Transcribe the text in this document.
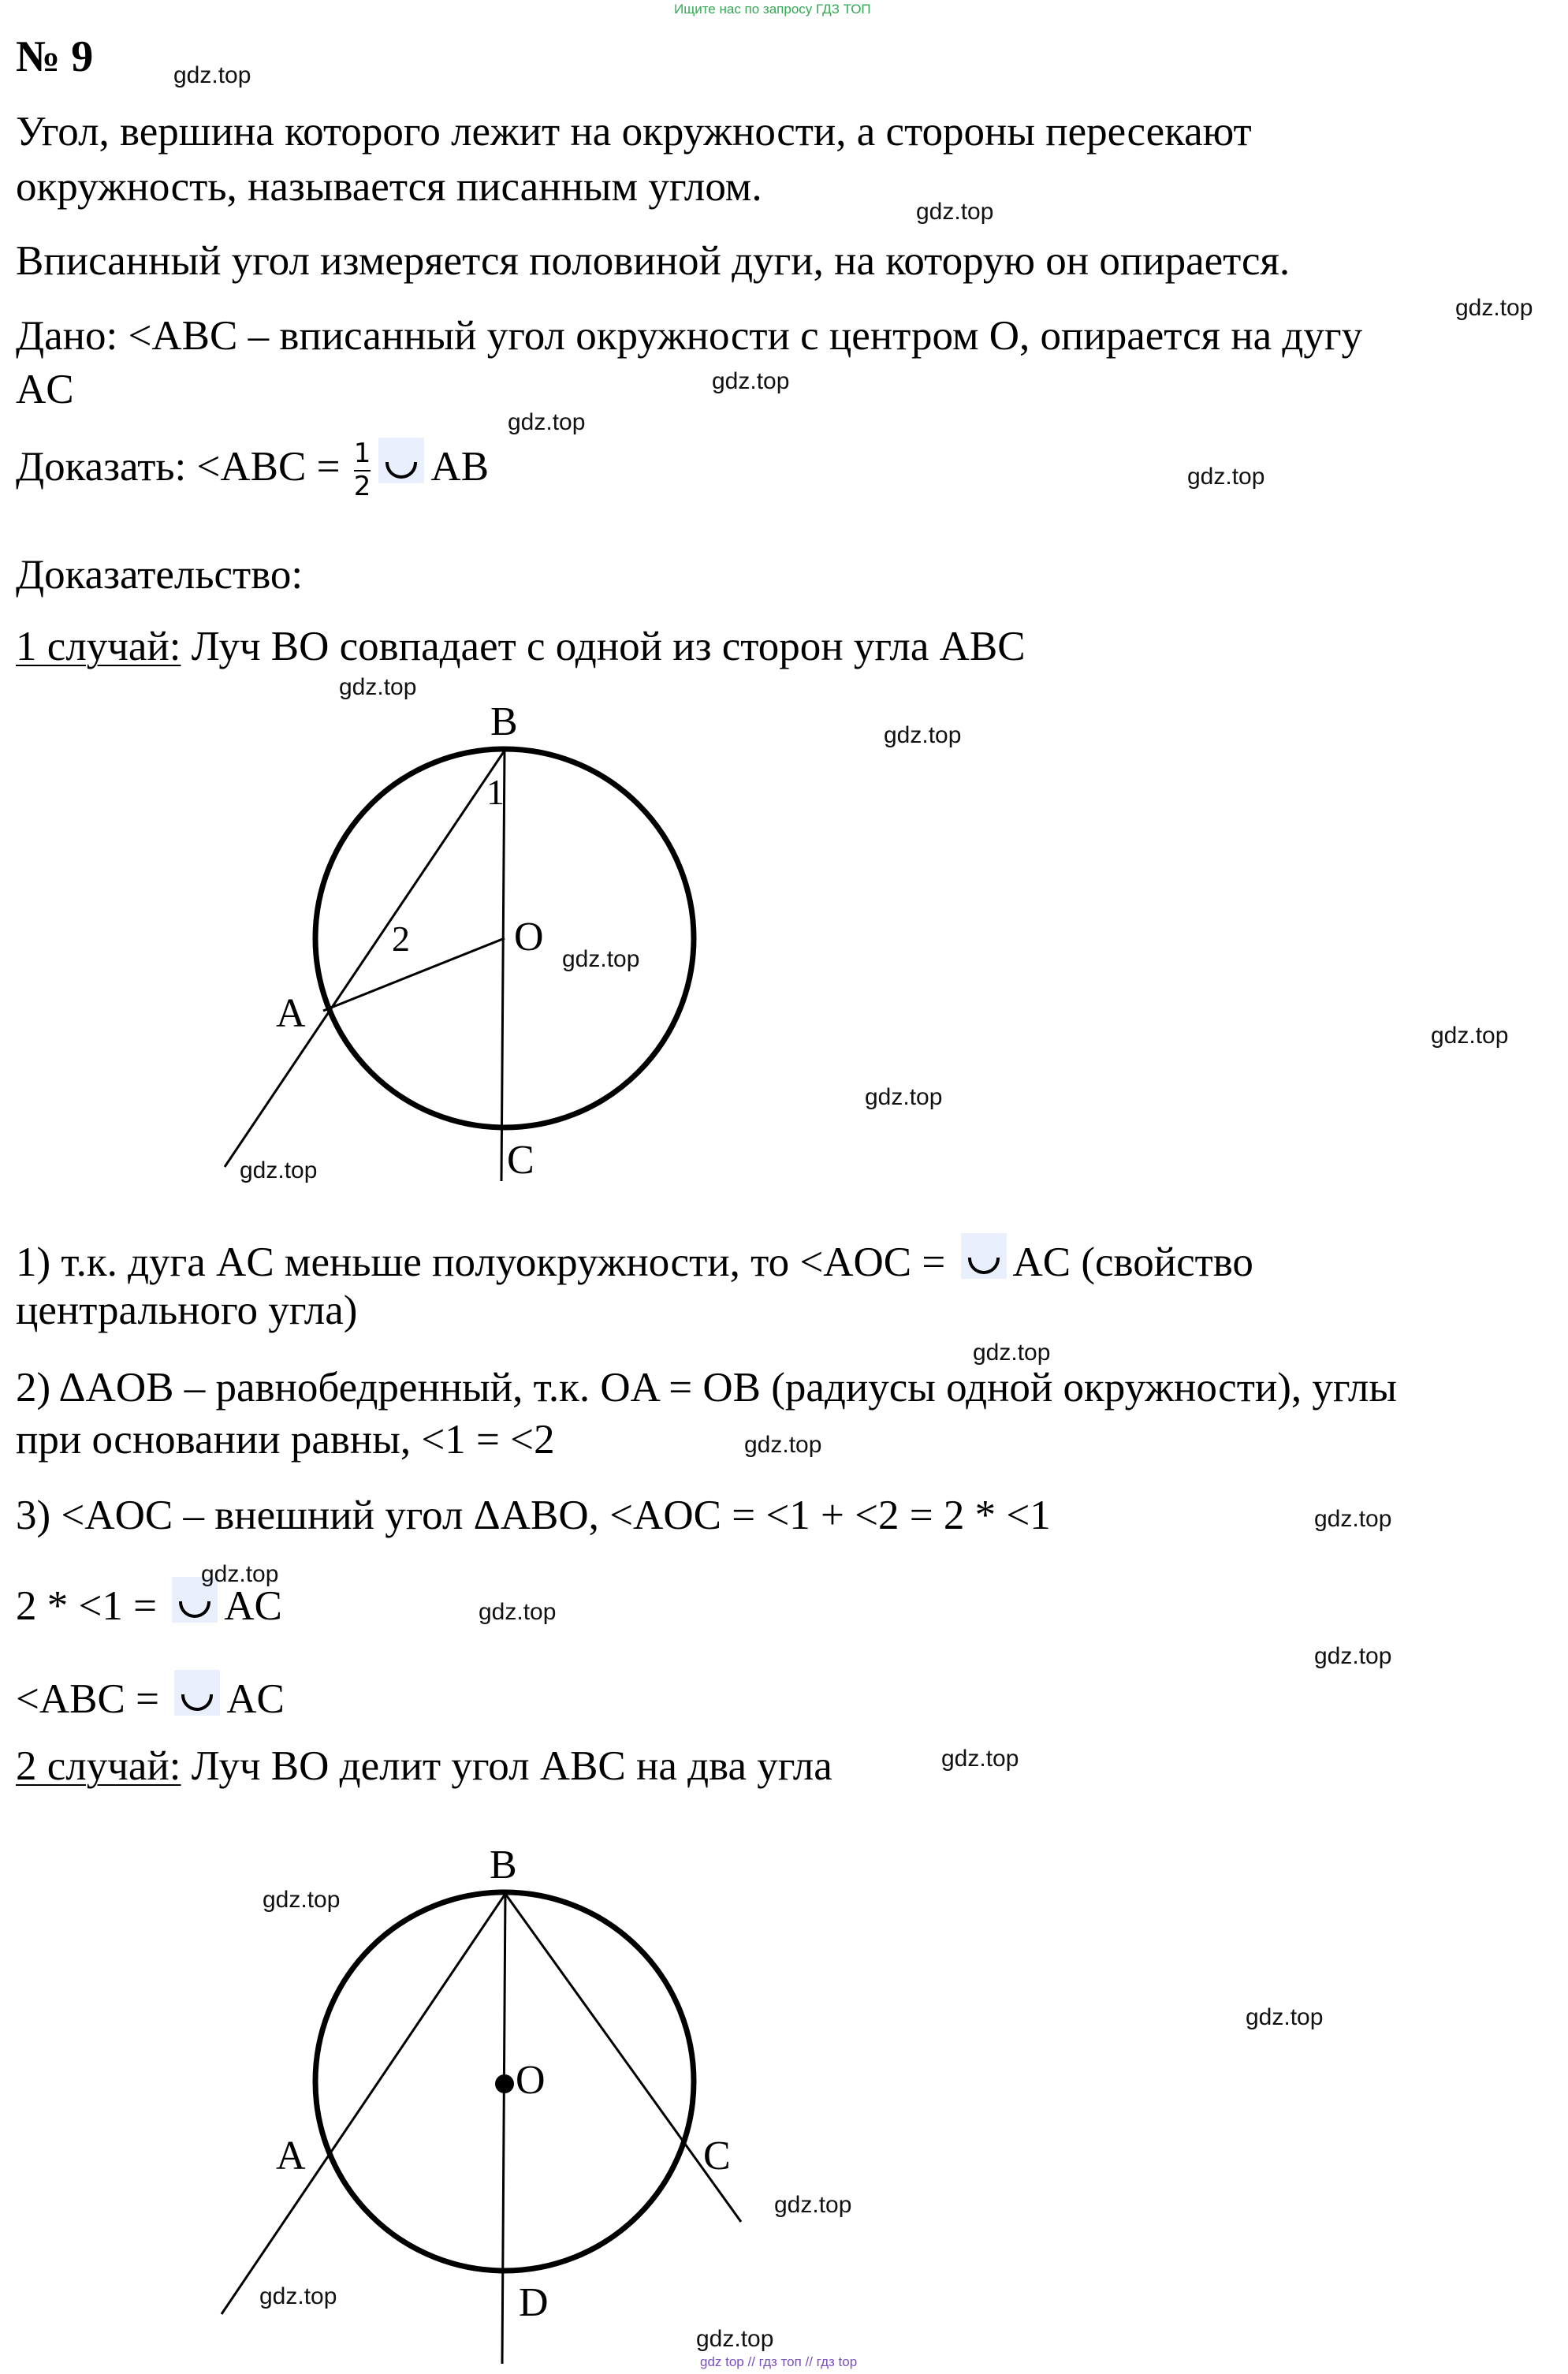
Ищите нас по запросу ГДЗ ТОП
№ 9
Угол, вершина которого лежит на окружности, а стороны пересекают
окружность, называется писанным углом.
Вписанный угол измеряется половиной дуги, на которую он опирается.
Дано: <ABC – вписанный угол окружности с центром O, опирается на дугу
AC
Доказать: $<ABC = \frac{1}{2}$ AB
Доказательство:
1 случай: Луч BO совпадает с одной из сторон угла ABC
B
1
2	O
A
C
1) т.к. дуга AC меньше полуокружности, то <AOC = AC (свойство
центрального угла)
2) ΔAOB – равнобедренный, т.к. OA = OB (радиусы одной окружности), углы
при основании равны, <1 = <2
3) <AOC – внешний угол ΔABO, <AOC = <1 + <2 = 2 * <1
2 * <1 = AC
<ABC = AC
2 случай: Луч BO делит угол ABC на два угла
B
O
A	C
D
gdz.top
gdz.top
gdz.top
gdz.top
gdz.top
gdz.top
gdz.top
gdz.top
gdz.top
gdz.top
gdz.top
gdz.top
gdz.top
gdz.top
gdz.top
gdz.top
gdz.top
gdz.top
gdz.top
gdz.top
gdz.top
gdz.top
gdz.top
gdz.top
gdz top // гдз топ // гдз top
